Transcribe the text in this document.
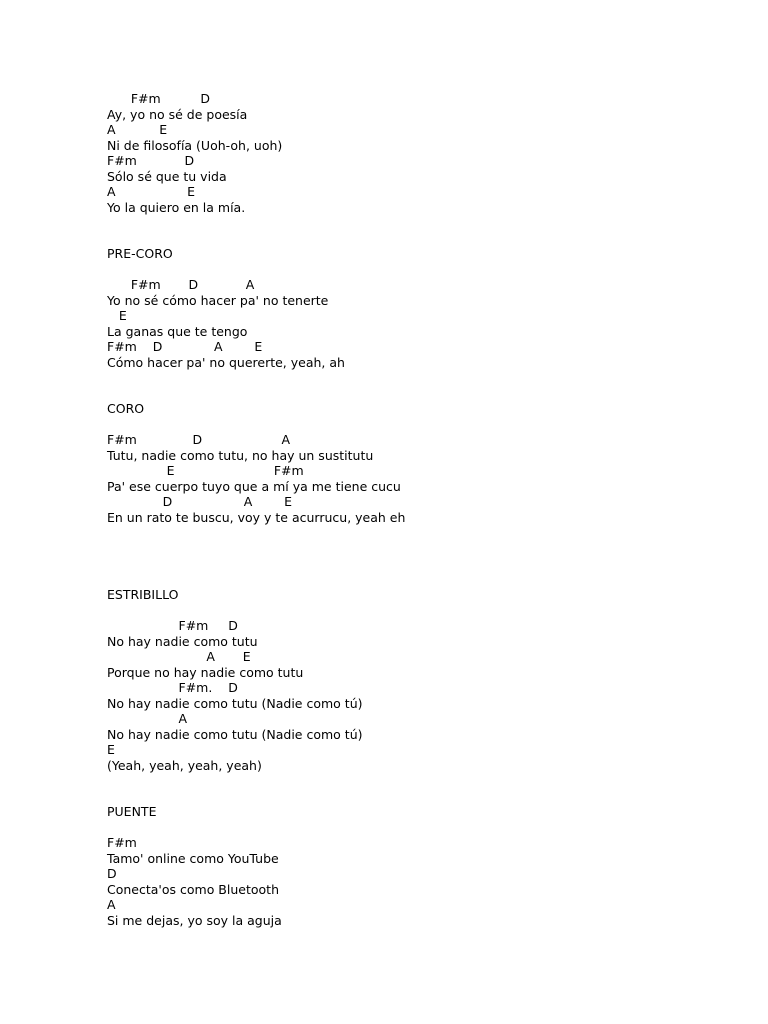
F#m          D
Ay, yo no sé de poesía
A           E
Ni de filosofía (Uoh-oh, uoh)
F#m            D
Sólo sé que tu vida
A                  E
Yo la quiero en la mía.
PRE-CORO
F#m       D            A
Yo no sé cómo hacer pa' no tenerte
E
La ganas que te tengo
F#m    D             A        E
Cómo hacer pa' no quererte, yeah, ah
CORO
F#m              D                    A
Tutu, nadie como tutu, no hay un sustitutu
E                         F#m
Pa' ese cuerpo tuyo que a mí ya me tiene cucu
D                  A        E
En un rato te buscu, voy y te acurrucu, yeah eh
ESTRIBILLO
F#m     D
No hay nadie como tutu
A       E
Porque no hay nadie como tutu
F#m.    D
No hay nadie como tutu (Nadie como tú)
A
No hay nadie como tutu (Nadie como tú)
E
(Yeah, yeah, yeah, yeah)
PUENTE
F#m
Tamo' online como YouTube
D
Conecta'os como Bluetooth
A
Si me dejas, yo soy la aguja
